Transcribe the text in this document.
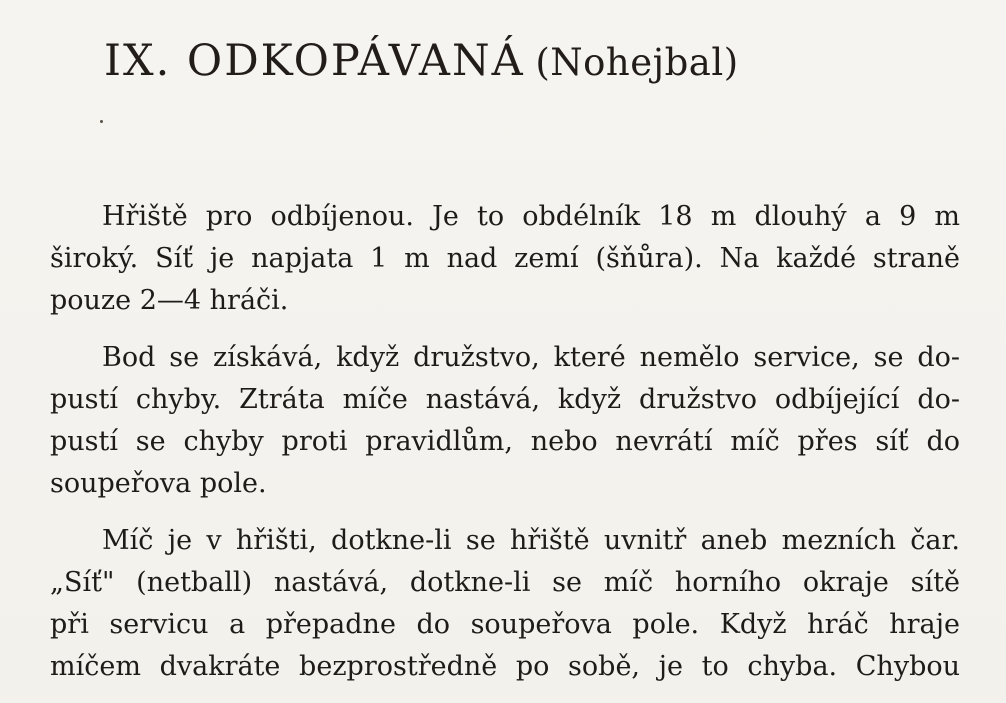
IX. ODKOPÁVANÁ (Nohejbal)

Hřiště pro odbíjenou. Je to obdélník 18 m dlouhý a 9 m
široký. Síť je napjata 1 m nad zemí (šňůra). Na každé straně
pouze 2—4 hráči.

Bod se získává, když družstvo, které nemělo service, se do-
pustí chyby. Ztráta míče nastává, když družstvo odbíjející do-
pustí se chyby proti pravidlům, nebo nevrátí míč přes síť do
soupeřova pole.

Míč je v hřišti, dotkne-li se hřiště uvnitř aneb mezních čar.
„Síť" (netball) nastává, dotkne-li se míč horního okraje sítě
při servicu a přepadne do soupeřova pole. Když hráč hraje
míčem dvakráte bezprostředně po sobě, je to chyba. Chybou
